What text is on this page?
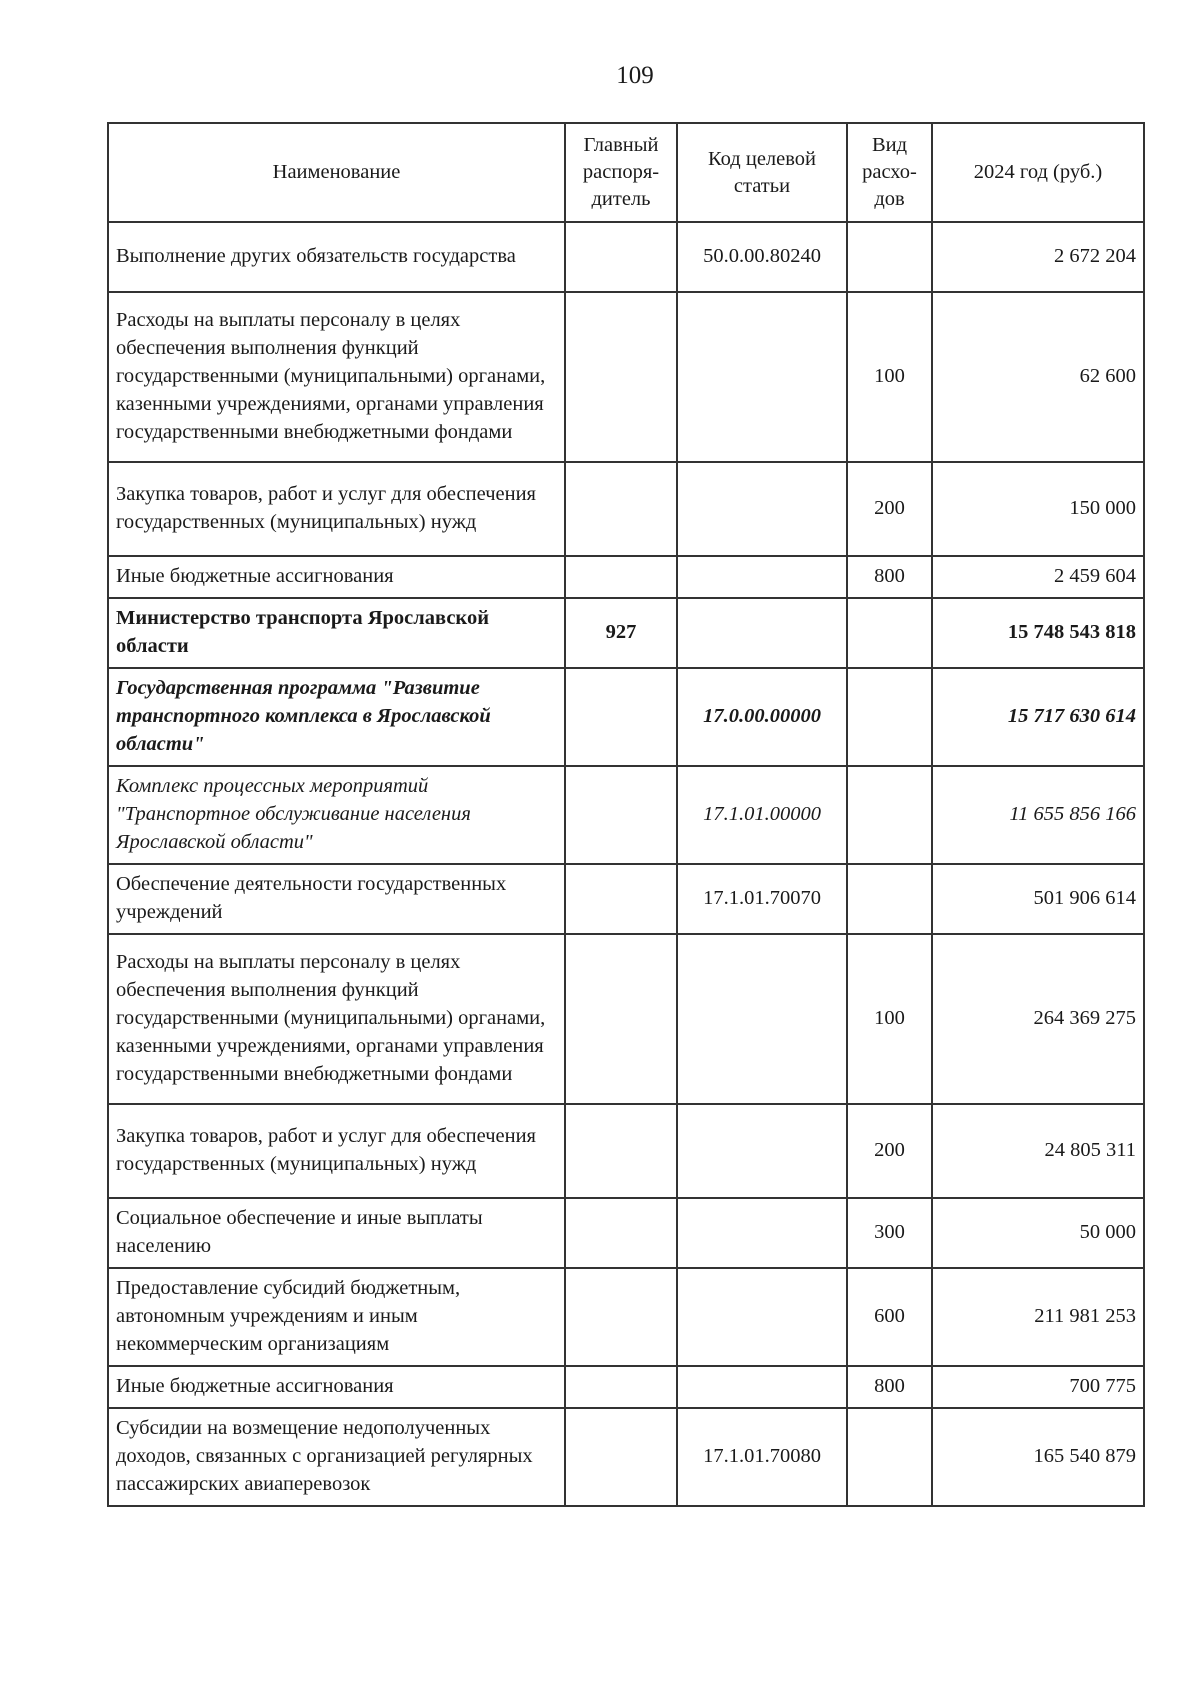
109
Наименование	Главный распоря-дитель	Код целевой статьи	Вид расхо-дов	2024 год (руб.)
Выполнение других обязательств государства		50.0.00.80240		2 672 204
Расходы на выплаты персоналу в целях обеспечения выполнения функций государственными (муниципальными) органами, казенными учреждениями, органами управления государственными внебюджетными фондами			100	62 600
Закупка товаров, работ и услуг для обеспечения государственных (муниципальных) нужд			200	150 000
Иные бюджетные ассигнования			800	2 459 604
Министерство транспорта Ярославской области	927			15 748 543 818
Государственная программа "Развитие транспортного комплекса в Ярославской области"		17.0.00.00000		15 717 630 614
Комплекс процессных мероприятий "Транспортное обслуживание населения Ярославской области"		17.1.01.00000		11 655 856 166
Обеспечение деятельности государственных учреждений		17.1.01.70070		501 906 614
Расходы на выплаты персоналу в целях обеспечения выполнения функций государственными (муниципальными) органами, казенными учреждениями, органами управления государственными внебюджетными фондами			100	264 369 275
Закупка товаров, работ и услуг для обеспечения государственных (муниципальных) нужд			200	24 805 311
Социальное обеспечение и иные выплаты населению			300	50 000
Предоставление субсидий бюджетным, автономным учреждениям и иным некоммерческим организациям			600	211 981 253
Иные бюджетные ассигнования			800	700 775
Субсидии на возмещение недополученных доходов, связанных с организацией регулярных пассажирских авиаперевозок		17.1.01.70080		165 540 879
